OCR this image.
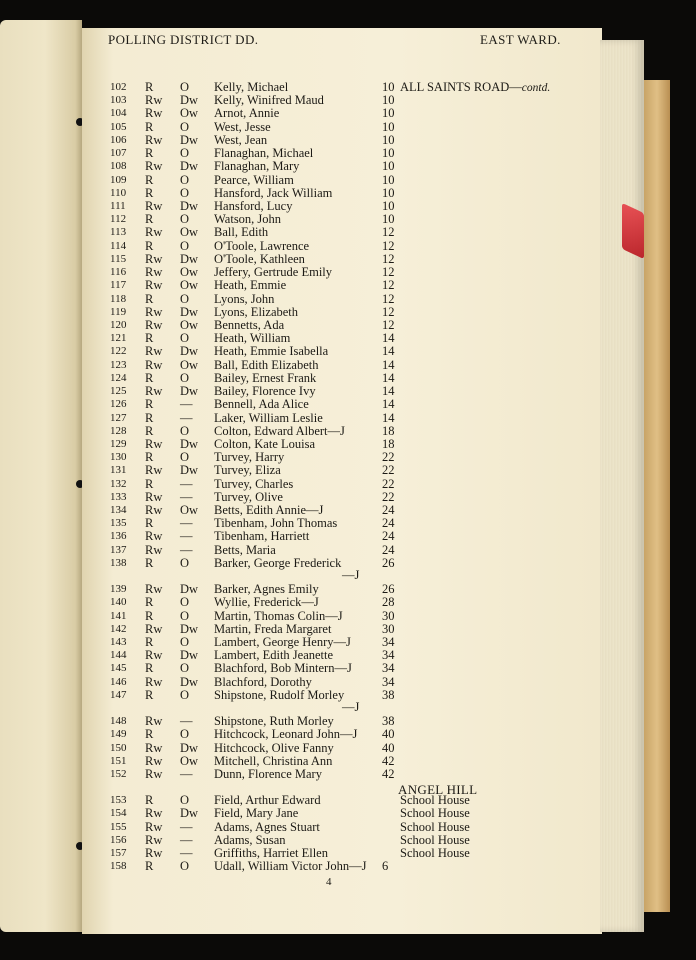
POLLING DISTRICT DD.	EAST WARD.
102	R O Kelly, Michael	10 ALL SAINTS ROAD—contd.
103	Rw Dw Kelly, Winifred Maud	10
104	Rw Ow Arnot, Annie	10
105	R O West, Jesse	10
106	Rw Dw West, Jean	10
107	R O Flanaghan, Michael	10
108	Rw Dw Flanaghan, Mary	10
109	R O Pearce, William	10
110	R O Hansford, Jack William	10
111	Rw Dw Hansford, Lucy	10
112	R O Watson, John	10
113	Rw Ow Ball, Edith	12
114	R O O'Toole, Lawrence	12
115	Rw Dw O'Toole, Kathleen	12
116	Rw Ow Jeffery, Gertrude Emily	12
117	Rw Ow Heath, Emmie	12
118	R O Lyons, John	12
119	Rw Dw Lyons, Elizabeth	12
120	Rw Ow Bennetts, Ada	12
121	R O Heath, William	14
122	Rw Dw Heath, Emmie Isabella	14
123	Rw Ow Ball, Edith Elizabeth	14
124	R O Bailey, Ernest Frank	14
125	Rw Dw Bailey, Florence Ivy	14
126	R — Bennell, Ada Alice	14
127	R — Laker, William Leslie	14
128	R O Colton, Edward Albert—J	18
129	Rw Dw Colton, Kate Louisa	18
130	R O Turvey, Harry	22
131	Rw Dw Turvey, Eliza	22
132	R — Turvey, Charles	22
133	Rw — Turvey, Olive	22
134	Rw Ow Betts, Edith Annie—J	24
135	R — Tibenham, John Thomas	24
136	Rw — Tibenham, Harriett	24
137	Rw — Betts, Maria	24
138	R O Barker, George Frederick	26
139	Rw Dw Barker, Agnes Emily	26
140	R O Wyllie, Frederick—J	28
141	R O Martin, Thomas Colin—J	30
142	Rw Dw Martin, Freda Margaret	30
143	R O Lambert, George Henry—J 34
144	Rw Dw Lambert, Edith Jeanette	34
145	R O Blachford, Bob Mintern—J 34
146	Rw Dw Blachford, Dorothy	34
147	R O Shipstone, Rudolf Morley	38
148	Rw — Shipstone, Ruth Morley	38
149	R O Hitchcock, Leonard John—J 40
150	Rw Dw Hitchcock, Olive Fanny	40
151	Rw Ow Mitchell, Christina Ann	42
152	Rw — Dunn, Florence Mary	42
153	R O Field, Arthur Edward	School House
154	Rw Dw Field, Mary Jane	School House
155	Rw — Adams, Agnes Stuart	School House
156	Rw — Adams, Susan	School House
157	Rw — Griffiths, Harriet Ellen	School House
158	R O Udall, William Victor John—J 6
—J
—J
ANGEL HILL
4
